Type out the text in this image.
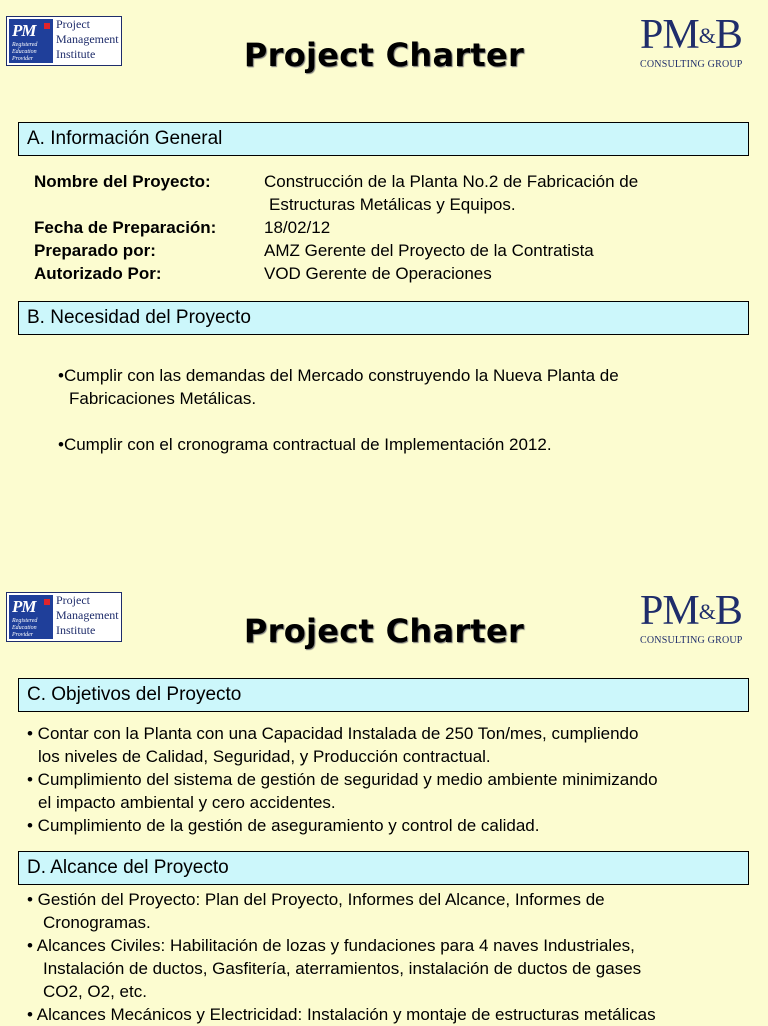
PM
Registered
Education
Provider
Project
Management
Institute	Project Charter	PM&B
CONSULTING GROUP
A. Información General
Nombre del Proyecto:	Construcción de la Planta No.2 de Fabricación de
Estructuras Metálicas y Equipos.
Fecha de Preparación:	18/02/12
Preparado por:	AMZ Gerente del Proyecto de la Contratista
Autorizado Por:	VOD Gerente de Operaciones
B. Necesidad del Proyecto

•Cumplir con las demandas del Mercado construyendo la Nueva Planta de

Fabricaciones Metálicas.

•Cumplir con el cronograma contractual de Implementación 2012.

PM
Registered
Education
Provider
Project
Management
Institute	Project Charter	PM&B
CONSULTING GROUP
C. Objetivos del Proyecto
• Contar con la Planta con una Capacidad Instalada de 250 Ton/mes, cumpliendo
los niveles de Calidad, Seguridad, y Producción contractual.
• Cumplimiento del sistema de gestión de seguridad y medio ambiente minimizando
el impacto ambiental y cero accidentes.
• Cumplimiento de la gestión de aseguramiento y control de calidad.
D. Alcance del Proyecto
• Gestión del Proyecto: Plan del Proyecto, Informes del Alcance, Informes de
Cronogramas.
• Alcances Civiles: Habilitación de lozas y fundaciones para 4 naves Industriales,
Instalación de ductos, Gasfitería, aterramientos, instalación de ductos de gases
CO2, O2, etc.
• Alcances Mecánicos y Electricidad: Instalación y montaje de estructuras metálicas
